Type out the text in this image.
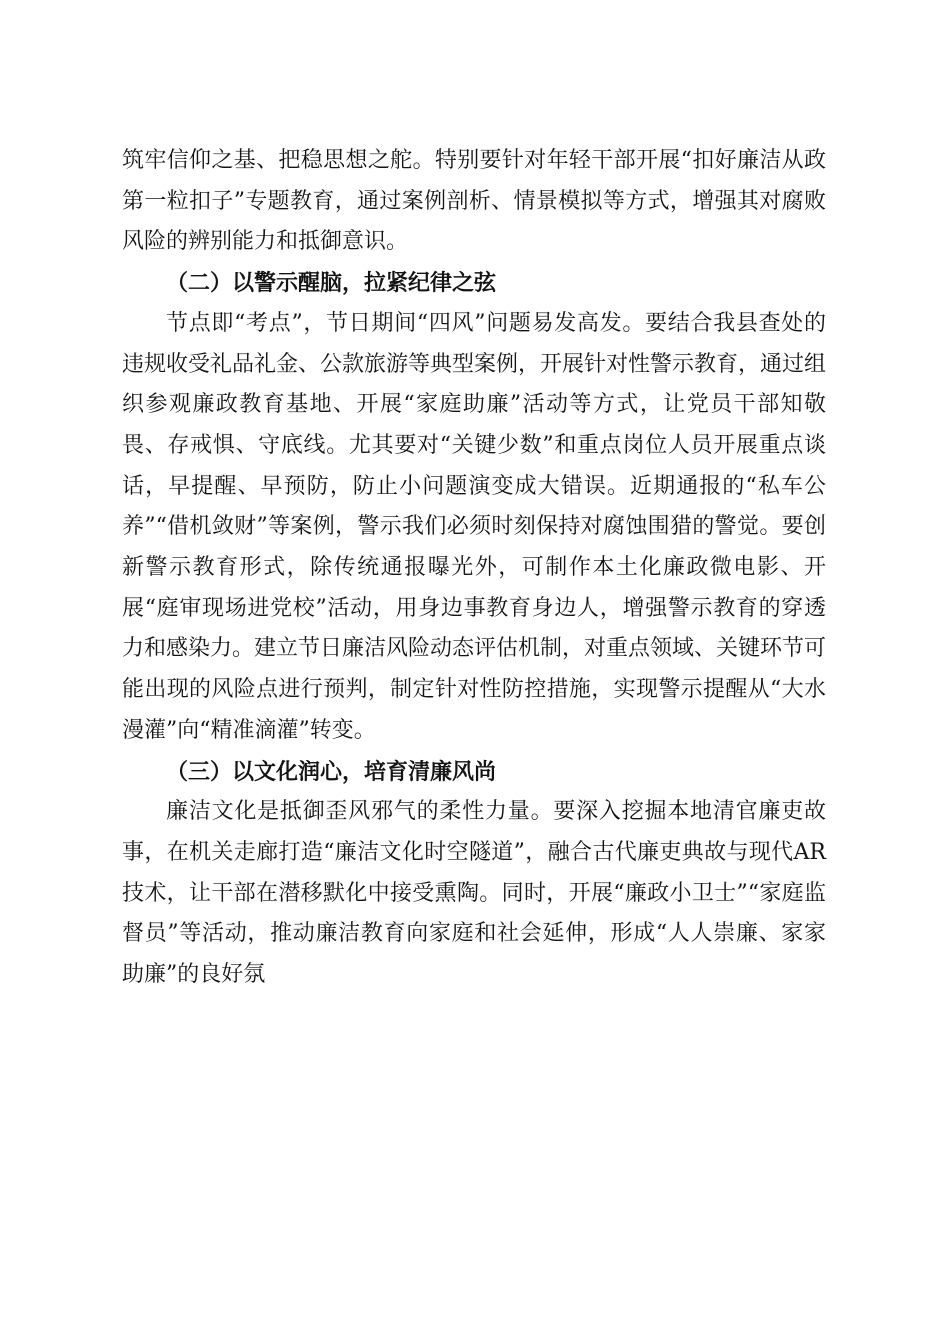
筑牢信仰之基、把稳思想之舵。特别要针对年轻干部开展“扣好廉洁从政第一粒扣子”专题教育，通过案例剖析、情景模拟等方式，增强其对腐败风险的辨别能力和抵御意识。

（二）以警示醒脑，拉紧纪律之弦

节点即“考点”，节日期间“四风”问题易发高发。要结合我县查处的违规收受礼品礼金、公款旅游等典型案例，开展针对性警示教育，通过组织参观廉政教育基地、开展“家庭助廉”活动等方式，让党员干部知敬畏、存戒惧、守底线。尤其要对“关键少数”和重点岗位人员开展重点谈话，早提醒、早预防，防止小问题演变成大错误。近期通报的“私车公养”“借机敛财”等案例，警示我们必须时刻保持对腐蚀围猎的警觉。要创新警示教育形式，除传统通报曝光外，可制作本土化廉政微电影、开展“庭审现场进党校”活动，用身边事教育身边人，增强警示教育的穿透力和感染力。建立节日廉洁风险动态评估机制，对重点领域、关键环节可能出现的风险点进行预判，制定针对性防控措施，实现警示提醒从“大水漫灌”向“精准滴灌”转变。

（三）以文化润心，培育清廉风尚

廉洁文化是抵御歪风邪气的柔性力量。要深入挖掘本地清官廉吏故事，在机关走廊打造“廉洁文化时空隧道”，融合古代廉吏典故与现代AR技术，让干部在潜移默化中接受熏陶。同时，开展“廉政小卫士”“家庭监督员”等活动，推动廉洁教育向家庭和社会延伸，形成“人人崇廉、家家助廉”的良好氛
